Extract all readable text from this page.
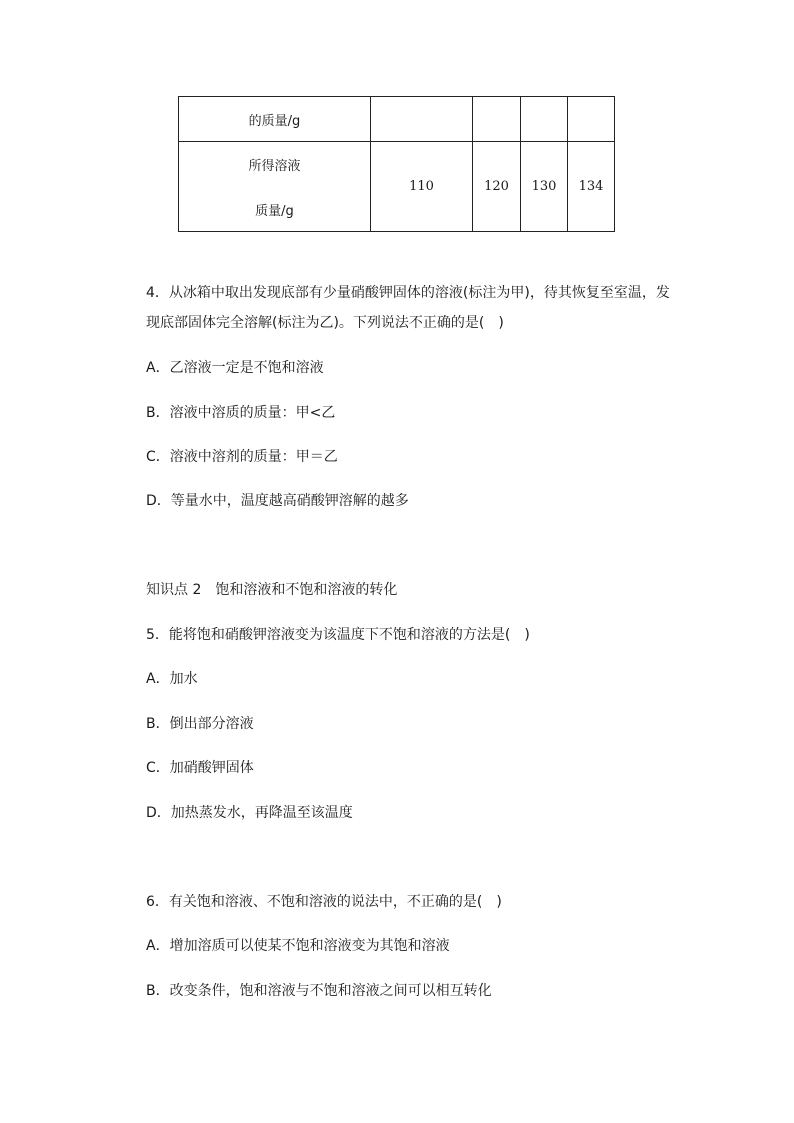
的质量/g				

所得溶液
质量/g	110	120	130	134
4．从冰箱中取出发现底部有少量硝酸钾固体的溶液(标注为甲)，待其恢复至室温，发
现底部固体完全溶解(标注为乙)。下列说法不正确的是(　)
A．乙溶液一定是不饱和溶液
B．溶液中溶质的质量：甲<乙
C．溶液中溶剂的质量：甲＝乙
D．等量水中，温度越高硝酸钾溶解的越多
知识点 2　饱和溶液和不饱和溶液的转化
5．能将饱和硝酸钾溶液变为该温度下不饱和溶液的方法是(　)
A．加水
B．倒出部分溶液
C．加硝酸钾固体
D．加热蒸发水，再降温至该温度
6．有关饱和溶液、不饱和溶液的说法中，不正确的是(　)
A．增加溶质可以使某不饱和溶液变为其饱和溶液
B．改变条件，饱和溶液与不饱和溶液之间可以相互转化
